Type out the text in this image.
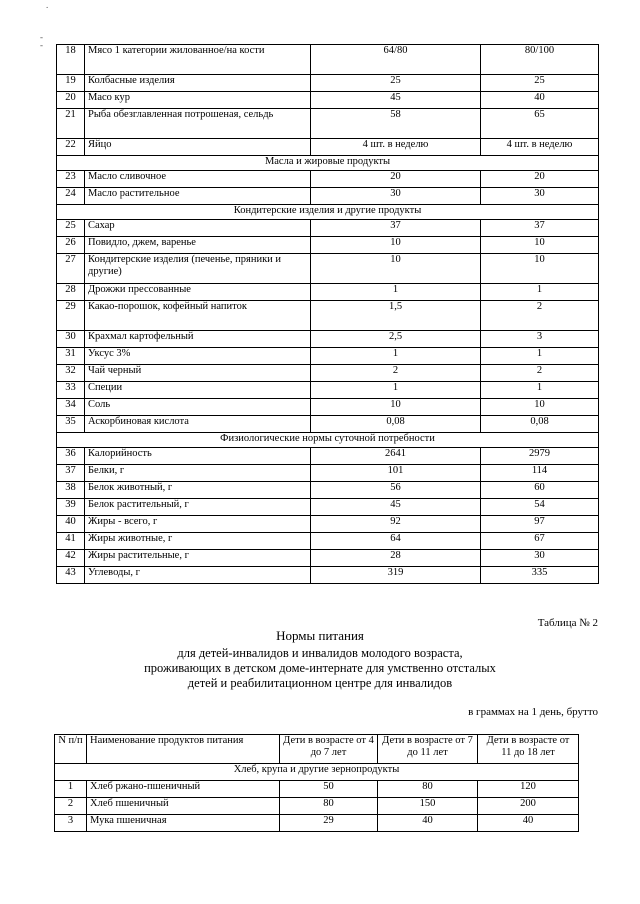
.
-
- 18	Мясо 1 категории жилованное/на кости	64/80	80/100
19	Колбасные изделия	25	25
20	Масо кур	45	40
21	Рыба обезглавленная потрошеная, сельдь	58	65
22	Яйцо	4 шт. в неделю	4 шт. в неделю
Масла и жировые продукты			
23	Масло сливочное	20	20
24	Масло растительное	30	30
Кондитерские изделия и другие продукты			
25	Сахар	37	37
26	Повидло, джем, варенье	10	10
27	Кондитерские изделия (печенье, пряники и другие)	10	10
28	Дрожжи прессованные	1	1
29	Какао-порошок, кофейный напиток	1,5	2
30	Крахмал картофельный	2,5	3
31	Уксус 3%	1	1
32	Чай черный	2	2
33	Специи	1	1
34	Соль	10	10
35	Аскорбиновая кислота	0,08	0,08
Физиологические нормы суточной потребности			
36	Калорийность	2641	2979
37	Белки, г	101	114
38	Белок животный, г	56	60
39	Белок растительный, г	45	54
40	Жиры - всего, г	92	97
41	Жиры животные, г	64	67
42	Жиры растительные, г	28	30
43	Углеводы, г	319	335
Таблица № 2
Нормы питания
для детей-инвалидов и инвалидов молодого возраста,
проживающих в детском доме-интернате для умственно отсталых
детей и реабилитационном центре для инвалидов
в граммах на 1 день, брутто
N п/п	Наименование продуктов питания	Дети в возрасте от 4 до 7 лет	Дети в возрасте от 7 до 11 лет	Дети в возрасте от 11 до 18 лет
Хлеб, крупа и другие зернопродукты				
1	Хлеб ржано-пшеничный	50	80	120
2	Хлеб пшеничный	80	150	200
3	Мука пшеничная	29	40	40
